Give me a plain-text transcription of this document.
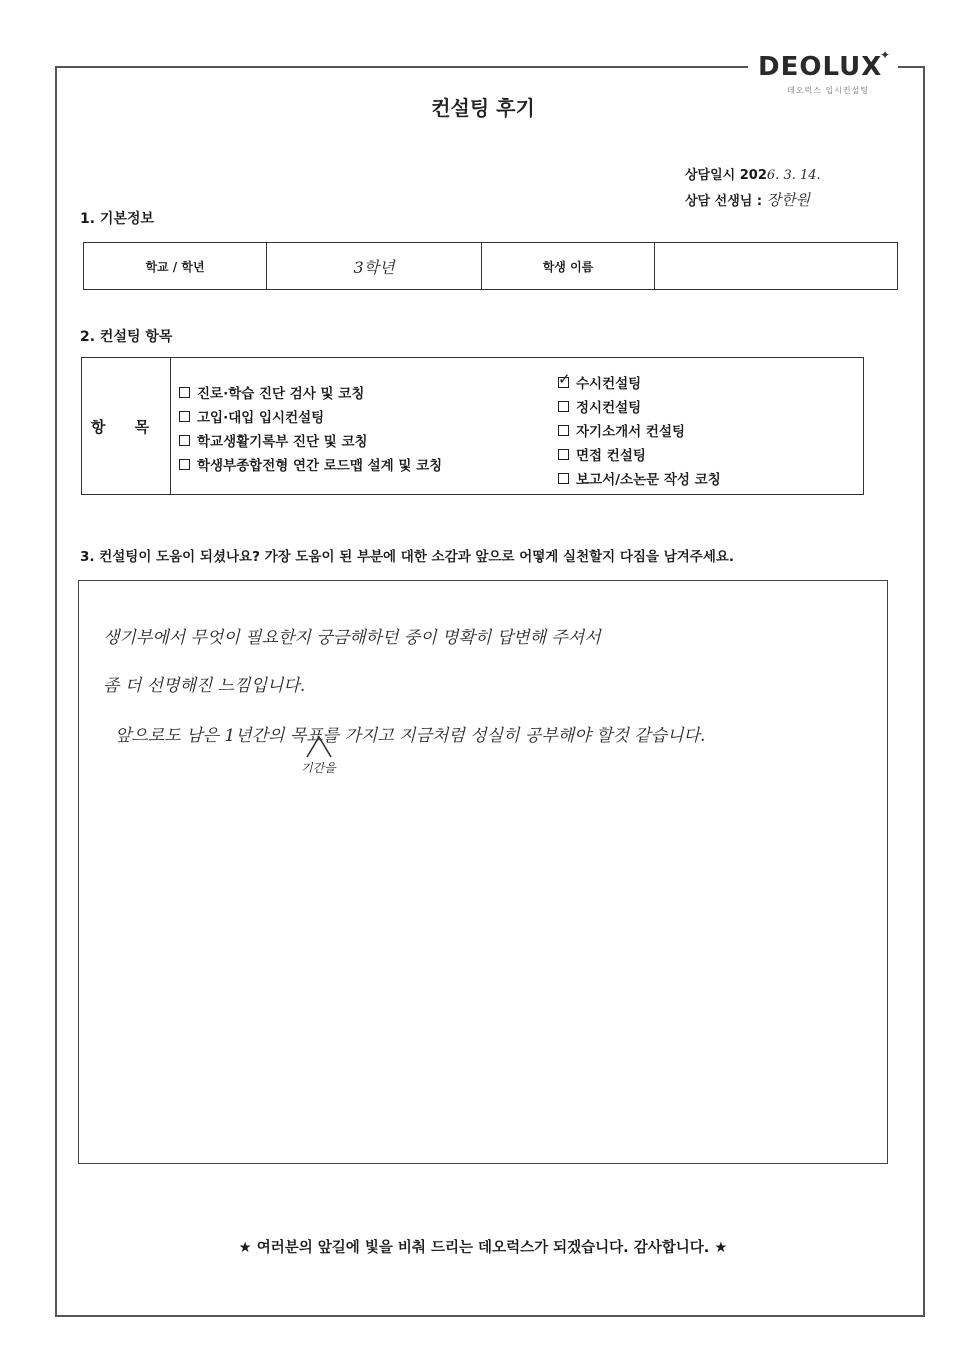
DEOLUX
✦
데오럭스 입시컨설팅
컨설팅 후기
상담일시 2026. 3. 14.
상담 선생님 : 장한원
1. 기본정보
학교 / 학년	3학년	학생 이름
2. 컨설팅 항목
항 목
진로·학습 진단 검사 및 코칭
고입·대입 입시컨설팅
학교생활기록부 진단 및 코칭
학생부종합전형 연간 로드맵 설계 및 코칭
✓
수시컨설팅
정시컨설팅
자기소개서 컨설팅
면접 컨설팅
보고서/소논문 작성 코칭
3. 컨설팅이 도움이 되셨나요? 가장 도움이 된 부분에 대한 소감과 앞으로 어떻게 실천할지 다짐을 남겨주세요.
생기부에서 무엇이 필요한지 궁금해하던 중이 명확히 답변해 주셔서
좀 더 선명해진 느낌입니다.
앞으로도 남은 1년간의 목표를 가지고 지금처럼 성실히 공부해야 할것 같습니다.
기간을
★ 여러분의 앞길에 빛을 비춰 드리는 데오럭스가 되겠습니다. 감사합니다. ★
